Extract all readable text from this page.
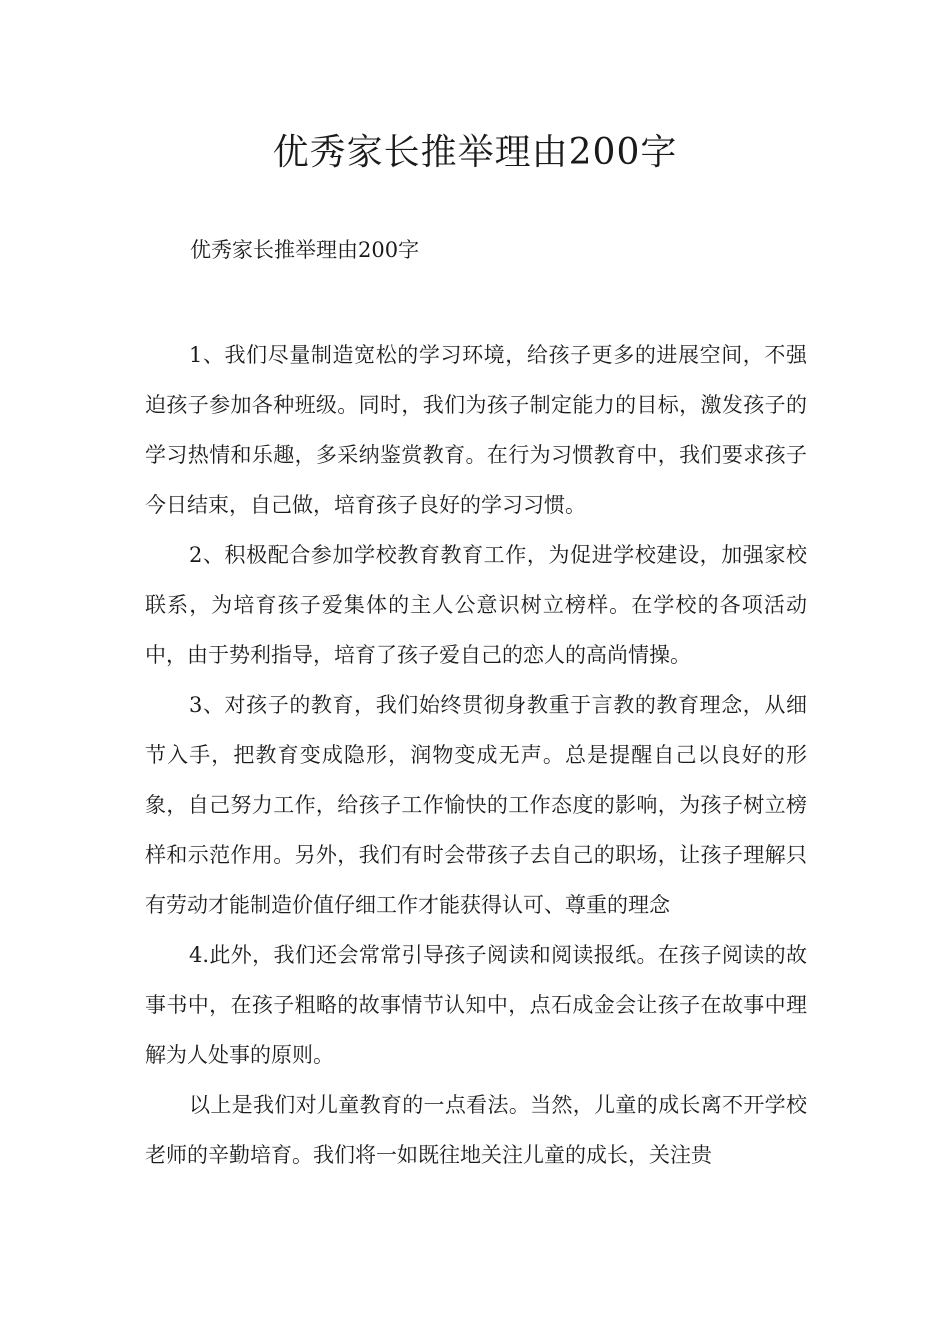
优秀家长推举理由200字

优秀家长推举理由200字

1、我们尽量制造宽松的学习环境，给孩子更多的进展空间，不强迫孩子参加各种班级。同时，我们为孩子制定能力的目标，激发孩子的学习热情和乐趣，多采纳鉴赏教育。在行为习惯教育中，我们要求孩子今日结束，自己做，培育孩子良好的学习习惯。

2、积极配合参加学校教育教育工作，为促进学校建设，加强家校联系，为培育孩子爱集体的主人公意识树立榜样。在学校的各项活动中，由于势利指导，培育了孩子爱自己的恋人的高尚情操。

3、对孩子的教育，我们始终贯彻身教重于言教的教育理念，从细节入手，把教育变成隐形，润物变成无声。总是提醒自己以良好的形象，自己努力工作，给孩子工作愉快的工作态度的影响，为孩子树立榜样和示范作用。另外，我们有时会带孩子去自己的职场，让孩子理解只有劳动才能制造价值仔细工作才能获得认可、尊重的理念

4.此外，我们还会常常引导孩子阅读和阅读报纸。在孩子阅读的故事书中，在孩子粗略的故事情节认知中，点石成金会让孩子在故事中理解为人处事的原则。

以上是我们对儿童教育的一点看法。当然，儿童的成长离不开学校老师的辛勤培育。我们将一如既往地关注儿童的成长，关注贵
